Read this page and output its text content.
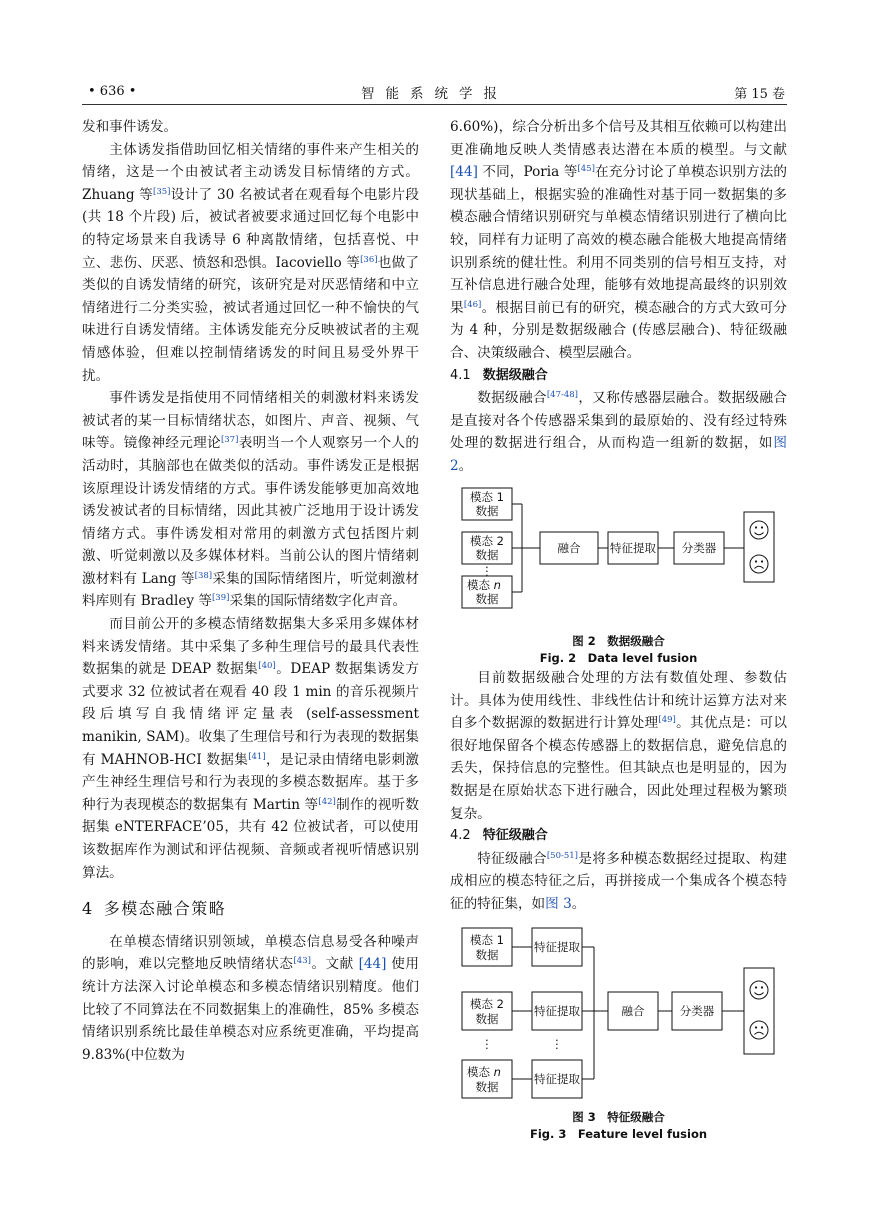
• 636 •	智能系统学报	第 15 卷

发和事件诱发。

主体诱发指借助回忆相关情绪的事件来产生相关的情绪，这是一个由被试者主动诱发目标情绪的方式。Zhuang 等[35]设计了 30 名被试者在观看每个电影片段 (共 18 个片段) 后，被试者被要求通过回忆每个电影中的特定场景来自我诱导 6 种离散情绪，包括喜悦、中立、悲伤、厌恶、愤怒和恐惧。Iacoviello 等[36]也做了类似的自诱发情绪的研究，该研究是对厌恶情绪和中立情绪进行二分类实验，被试者通过回忆一种不愉快的气味进行自诱发情绪。主体诱发能充分反映被试者的主观情感体验，但难以控制情绪诱发的时间且易受外界干扰。

事件诱发是指使用不同情绪相关的刺激材料来诱发被试者的某一目标情绪状态，如图片、声音、视频、气味等。镜像神经元理论[37]表明当一个人观察另一个人的活动时，其脑部也在做类似的活动。事件诱发正是根据该原理设计诱发情绪的方式。事件诱发能够更加高效地诱发被试者的目标情绪，因此其被广泛地用于设计诱发情绪方式。事件诱发相对常用的刺激方式包括图片刺激、听觉刺激以及多媒体材料。当前公认的图片情绪刺激材料有 Lang 等[38]采集的国际情绪图片，听觉刺激材料库则有 Bradley 等[39]采集的国际情绪数字化声音。

而目前公开的多模态情绪数据集大多采用多媒体材料来诱发情绪。其中采集了多种生理信号的最具代表性数据集的就是 DEAP 数据集[40]。DEAP 数据集诱发方式要求 32 位被试者在观看 40 段 1 min 的音乐视频片段后填写自我情绪评定量表 (self-assessment manikin, SAM)。收集了生理信号和行为表现的数据集有 MAHNOB-HCI 数据集[41]，是记录由情绪电影刺激产生神经生理信号和行为表现的多模态数据库。基于多种行为表现模态的数据集有 Martin 等[42]制作的视听数据集 eNTERFACE’05，共有 42 位被试者，可以使用该数据库作为测试和评估视频、音频或者视听情感识别算法。

4 多模态融合策略

在单模态情绪识别领域，单模态信息易受各种噪声的影响，难以完整地反映情绪状态[43]。文献 [44] 使用统计方法深入讨论单模态和多模态情绪识别精度。他们比较了不同算法在不同数据集上的准确性，85% 多模态情绪识别系统比最佳单模态对应系统更准确，平均提高 9.83%(中位数为

6.60%)，综合分析出多个信号及其相互依赖可以构建出更准确地反映人类情感表达潜在本质的模型。与文献 [44] 不同，Poria 等[45]在充分讨论了单模态识别方法的现状基础上，根据实验的准确性对基于同一数据集的多模态融合情绪识别研究与单模态情绪识别进行了横向比较，同样有力证明了高效的模态融合能极大地提高情绪识别系统的健壮性。利用不同类别的信号相互支持，对互补信息进行融合处理，能够有效地提高最终的识别效果[46]。根据目前已有的研究，模态融合的方式大致可分为 4 种，分别是数据级融合 (传感层融合)、特征级融合、决策级融合、模型层融合。

4.1 数据级融合

数据级融合[47-48]，又称传感器层融合。数据级融合是直接对各个传感器采集到的最原始的、没有经过特殊处理的数据进行组合，从而构造一组新的数据，如图 2。

模态 1
数据
模态 2
数据
⋮
模态 n
数据
融合	特征提取 分类器
图 2　数据级融合
Fig. 2　Data level fusion

目前数据级融合处理的方法有数值处理、参数估计。具体为使用线性、非线性估计和统计运算方法对来自多个数据源的数据进行计算处理[49]。其优点是：可以很好地保留各个模态传感器上的数据信息，避免信息的丢失，保持信息的完整性。但其缺点也是明显的，因为数据是在原始状态下进行融合，因此处理过程极为繁琐复杂。

4.2 特征级融合

特征级融合[50-51]是将多种模态数据经过提取、构建成相应的模态特征之后，再拼接成一个集成各个模态特征的特征集，如图 3。

模态 1
数据
模态 2
数据
⋮	⋮
模态 n
数据
特征提取
特征提取
特征提取
融合	分类器
图 3　特征级融合
Fig. 3　Feature level fusion
